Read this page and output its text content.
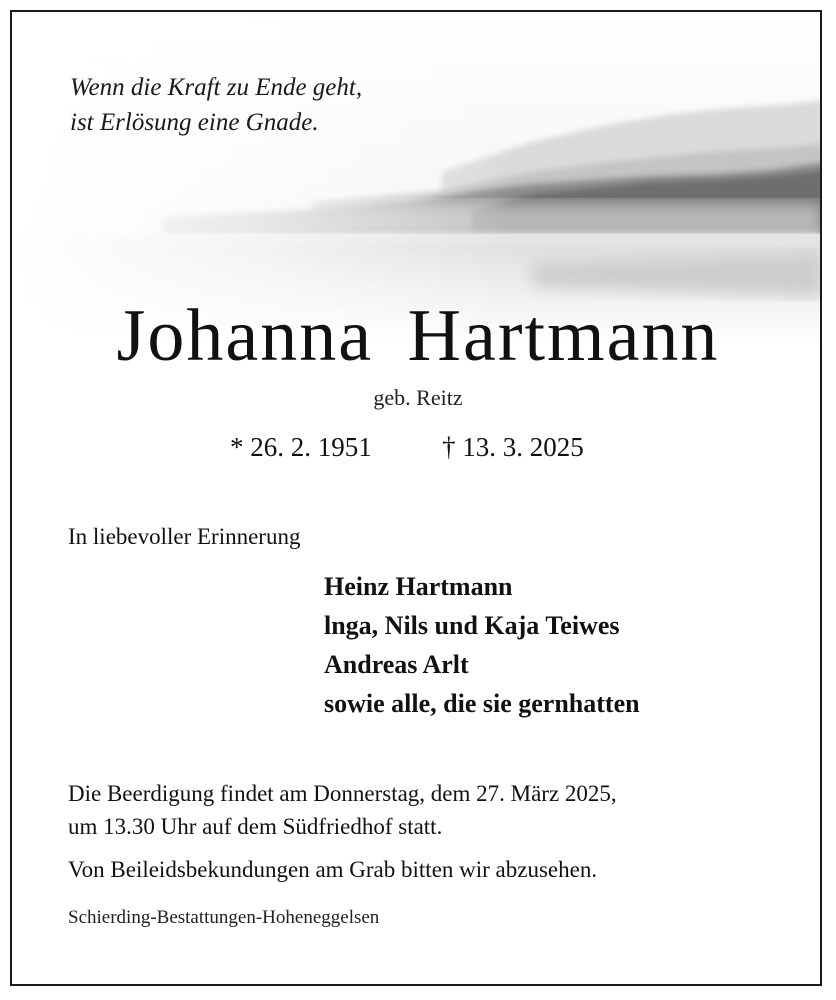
Wenn die Kraft zu Ende geht,
ist Erlösung eine Gnade.
Johanna Hartmann
geb. Reitz
* 26. 2. 1951	† 13. 3. 2025
In liebevoller Erinnerung
Heinz Hartmann
lnga, Nils und Kaja Teiwes
Andreas Arlt
sowie alle, die sie gernhatten
Die Beerdigung findet am Donnerstag, dem 27. März 2025,
um 13.30 Uhr auf dem Südfriedhof statt.
Von Beileidsbekundungen am Grab bitten wir abzusehen.
Schierding-Bestattungen-Hoheneggelsen
